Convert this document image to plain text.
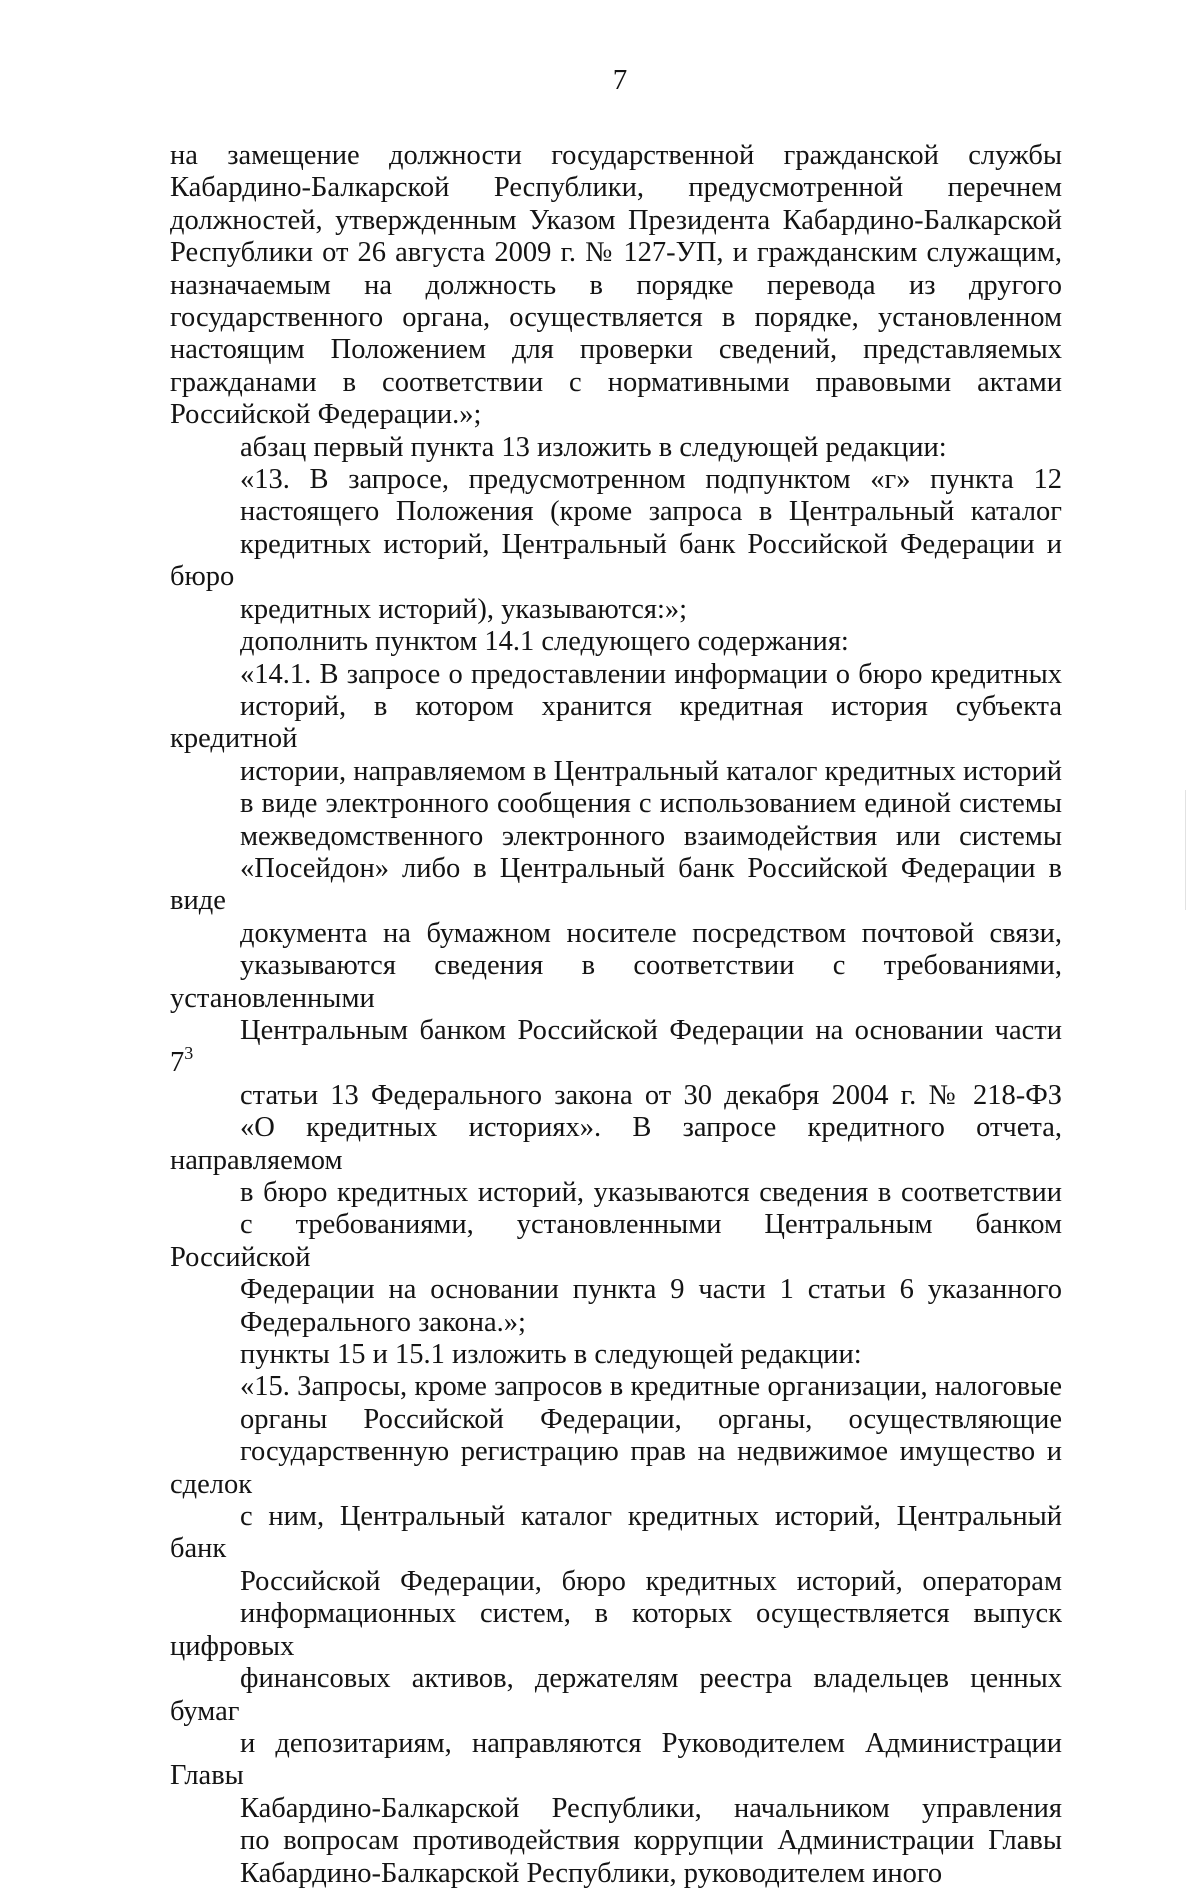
7
на замещение должности государственной гражданской службы
Кабардино-Балкарской Республики, предусмотренной перечнем
должностей, утвержденным Указом Президента Кабардино-Балкарской
Республики от 26 августа 2009 г. № 127-УП, и гражданским служащим,
назначаемым на должность в порядке перевода из другого
государственного органа, осуществляется в порядке, установленном
настоящим Положением для проверки сведений, представляемых
гражданами в соответствии с нормативными правовыми актами
Российской Федерации.»;
абзац первый пункта 13 изложить в следующей редакции:
«13. В запросе, предусмотренном подпунктом «г» пункта 12
настоящего Положения (кроме запроса в Центральный каталог
кредитных историй, Центральный банк Российской Федерации и бюро
кредитных историй), указываются:»;
дополнить пунктом 14.1 следующего содержания:
«14.1. В запросе о предоставлении информации о бюро кредитных
историй, в котором хранится кредитная история субъекта кредитной
истории, направляемом в Центральный каталог кредитных историй
в виде электронного сообщения с использованием единой системы
межведомственного электронного взаимодействия или системы
«Посейдон» либо в Центральный банк Российской Федерации в виде
документа на бумажном носителе посредством почтовой связи,
указываются сведения в соответствии с требованиями, установленными
Центральным банком Российской Федерации на основании части $7^3$
статьи 13 Федерального закона от 30 декабря 2004 г. № 218-ФЗ
«О кредитных историях». В запросе кредитного отчета, направляемом
в бюро кредитных историй, указываются сведения в соответствии
с требованиями, установленными Центральным банком Российской
Федерации на основании пункта 9 части 1 статьи 6 указанного
Федерального закона.»;
пункты 15 и 15.1 изложить в следующей редакции:
«15. Запросы, кроме запросов в кредитные организации, налоговые
органы Российской Федерации, органы, осуществляющие
государственную регистрацию прав на недвижимое имущество и сделок
с ним, Центральный каталог кредитных историй, Центральный банк
Российской Федерации, бюро кредитных историй, операторам
информационных систем, в которых осуществляется выпуск цифровых
финансовых активов, держателям реестра владельцев ценных бумаг
и депозитариям, направляются Руководителем Администрации Главы
Кабардино-Балкарской Республики, начальником управления
по вопросам противодействия коррупции Администрации Главы
Кабардино-Балкарской Республики, руководителем иного
